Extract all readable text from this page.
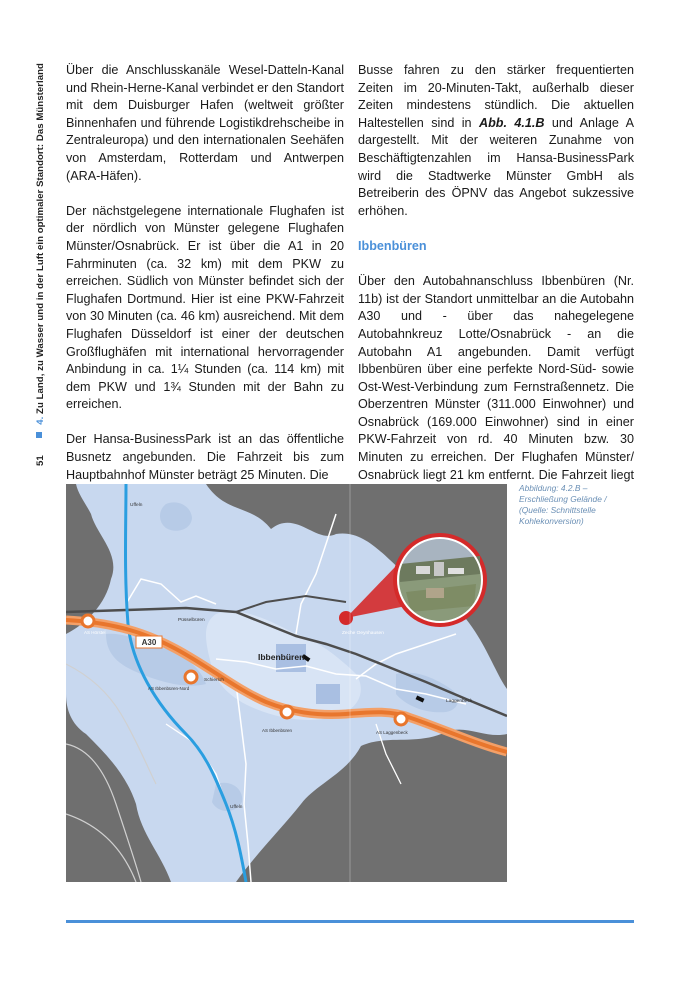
51  4. Zu Land, zu Wasser und in der Luft ein optimaler Standort: Das Münsterland Über die Anschlusskanäle Wesel-Datteln-Kanal und Rhein-Herne-Kanal verbindet er den Standort mit dem Duisburger Hafen (weltweit größter Binnenhafen und führende Logistikdrehscheibe in Zentraleuropa) und den internationalen Seehäfen von Amsterdam, Rotterdam und Antwerpen (ARA-Häfen).

Der nächstgelegene internationale Flughafen ist der nördlich von Münster gelegene Flughafen Münster/Osnabrück. Er ist über die A1 in 20 Fahrminuten (ca. 32 km) mit dem PKW zu erreichen. Südlich von Münster befindet sich der Flughafen Dortmund. Hier ist eine PKW-Fahrzeit von 30 Minuten (ca. 46 km) ausreichend. Mit dem Flughafen Düsseldorf ist einer der deutschen Großflughäfen mit international hervorragender Anbindung in ca. 1¼ Stunden (ca. 114 km) mit dem PKW und 1¾ Stunden mit der Bahn zu erreichen.

Der Hansa-BusinessPark ist an das öffentliche Busnetz angebunden. Die Fahrzeit bis zum Hauptbahnhof Münster beträgt 25 Minuten. Die

Busse fahren zu den stärker frequentierten Zeiten im 20-Minuten-Takt, außerhalb dieser Zeiten mindestens stündlich. Die aktuellen Haltestellen sind in Abb. 4.1.B und Anlage A dargestellt. Mit der weiteren Zunahme von Beschäftigtenzahlen im Hansa-BusinessPark wird die Stadtwerke Münster GmbH als Betreiberin des ÖPNV das Angebot sukzessive erhöhen.

Ibbenbüren

Über den Autobahnanschluss Ibbenbüren (Nr. 11b) ist der Standort unmittelbar an die Autobahn A30 und - über das nahegelegene Autobahnkreuz Lotte/Osnabrück - an die Autobahn A1 angebunden. Damit verfügt Ibbenbüren über eine perfekte Nord-Süd- sowie Ost-West-Verbindung zum Fernstraßennetz. Die Oberzentren Münster (311.000 Einwohner) und Osnabrück (169.000 Einwohner) sind in einer PKW-Fahrzeit von rd. 40 Minuten bzw. 30 Minuten zu erreichen. Der Flughafen Münster/ Osnabrück liegt 21 km entfernt. Die Fahrzeit liegt

A30
Ibbenbüren
Zeche Oeynhausen
Uffeln
Püsselbüren
Schierloh
Laggenbeck
Uffeln
AS Hörstel
AS Ibbenbüren-Nord
AS Ibbenbüren	AS Laggenbeck
Abbildung: 4.2.B –
Erschließung Gelände /
(Quelle: Schnittstelle
Kohlekonversion)
